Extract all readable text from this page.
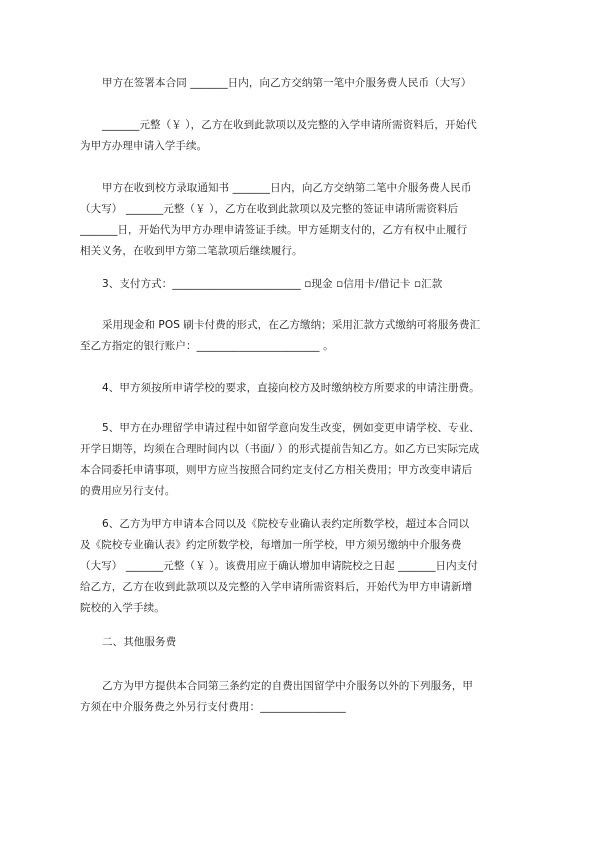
甲方在签署本合同 _______日内，向乙方交纳第一笔中介服务费人民币（大写）
_______元整（￥ ），乙方在收到此款项以及完整的入学申请所需资料后，开始代
为甲方办理申请入学手续。
甲方在收到校方录取通知书 _______日内，向乙方交纳第二笔中介服务费人民币
（大写） _______元整（￥ ），乙方在收到此款项以及完整的签证申请所需资料后
_______日，开始代为甲方办理申请签证手续。甲方延期支付的，乙方有权中止履行
相关义务，在收到甲方第二笔款项后继续履行。
3、支付方式：________________________ ▫现金 ▫信用卡/借记卡 ▫汇款
采用现金和 POS 刷卡付费的形式，在乙方缴纳；采用汇款方式缴纳可将服务费汇
至乙方指定的银行账户：_______________________ 。
4、甲方须按所申请学校的要求，直接向校方及时缴纳校方所要求的申请注册费。
5、甲方在办理留学申请过程中如留学意向发生改变，例如变更申请学校、专业、
开学日期等，均须在合理时间内以（书面/ ）的形式提前告知乙方。如乙方已实际完成
本合同委托申请事项，则甲方应当按照合同约定支付乙方相关费用；甲方改变申请后
的费用应另行支付。
6、乙方为甲方申请本合同以及《院校专业确认表约定所数学校，超过本合同以
及《院校专业确认表》约定所数学校，每增加一所学校，甲方须另缴纳中介服务费
（大写） _______元整（￥ ）。该费用应于确认增加申请院校之日起 _______日内支付
给乙方，乙方在收到此款项以及完整的入学申请所需资料后，开始代为甲方申请新增
院校的入学手续。
二、其他服务费
乙方为甲方提供本合同第三条约定的自费出国留学中介服务以外的下列服务，甲
方须在中介服务费之外另行支付费用：________________
